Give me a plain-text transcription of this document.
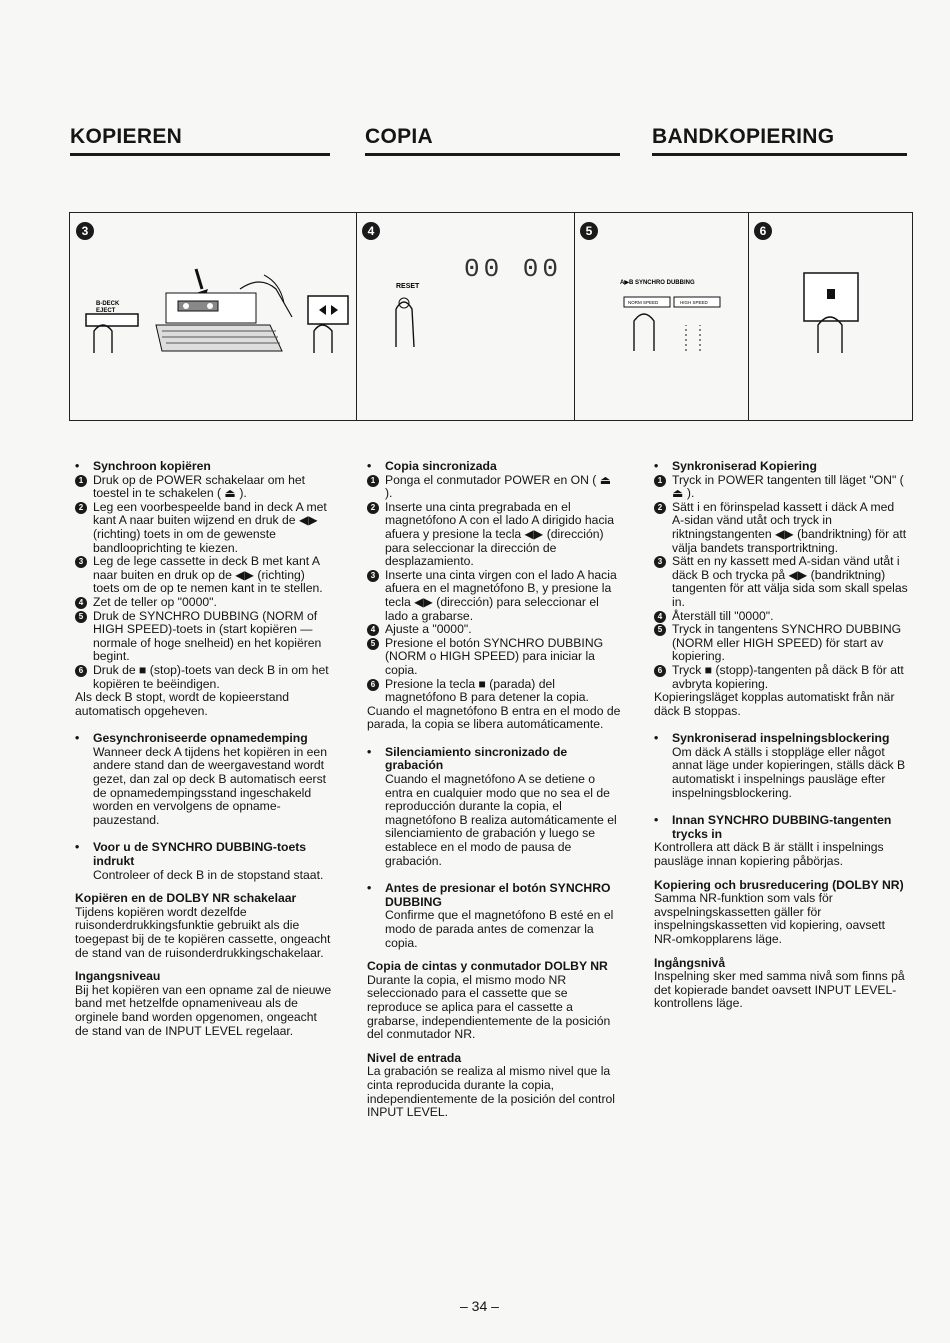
KOPIEREN	COPIA	BANDKOPIERING
3
B-DECK
EJECT
4
00 00
RESET
5
A▶B SYNCHRO DUBBING
NORM SPEED	HIGH SPEED
6

• Synchroon kopiëren

1 Druk op de POWER schakelaar om het toestel in te schakelen ( ⏏ ).

2 Leg een voorbespeelde band in deck A met kant A naar buiten wijzend en druk de ◀▶ (richting) toets in om de gewenste bandlooprichting te kiezen.

3 Leg de lege cassette in deck B met kant A naar buiten en druk op de ◀▶ (richting) toets om de op te nemen kant in te stellen.

4 Zet de teller op "0000".

5 Druk de SYNCHRO DUBBING (NORM of HIGH SPEED)-toets in (start kopiëren — normale of hoge snelheid) en het kopiëren begint.

6 Druk de ■ (stop)-toets van deck B in om het kopiëren te beëindigen.

Als deck B stopt, wordt de kopieerstand automatisch opgeheven.

• Gesynchroniseerde opnamedemping

Wanneer deck A tijdens het kopiëren in een andere stand dan de weergavestand wordt gezet, dan zal op deck B automatisch eerst de opnamedempingsstand ingeschakeld worden en vervolgens de opname-pauzestand.

• Voor u de SYNCHRO DUBBING-toets indrukt

Controleer of deck B in de stopstand staat.

Kopiëren en de DOLBY NR schakelaar

Tijdens kopiëren wordt dezelfde ruisonderdrukkingsfunktie gebruikt als die toegepast bij de te kopiëren cassette, ongeacht de stand van de ruisonderdrukkingschakelaar.

Ingangsniveau

Bij het kopiëren van een opname zal de nieuwe band met hetzelfde opnameniveau als de orginele band worden opgenomen, ongeacht de stand van de INPUT LEVEL regelaar.

• Copia sincronizada

1 Ponga el conmutador POWER en ON ( ⏏ ).

2 Inserte una cinta pregrabada en el magnetófono A con el lado A dirigido hacia afuera y presione la tecla ◀▶ (dirección) para seleccionar la dirección de desplazamiento.

3 Inserte una cinta virgen con el lado A hacia afuera en el magnetófono B, y presione la tecla ◀▶ (dirección) para seleccionar el lado a grabarse.

4 Ajuste a "0000".

5 Presione el botón SYNCHRO DUBBING (NORM o HIGH SPEED) para iniciar la copia.

6 Presione la tecla ■ (parada) del magnetófono B para detener la copia.

Cuando el magnetófono B entra en el modo de parada, la copia se libera automáticamente.

• Silenciamiento sincronizado de grabación

Cuando el magnetófono A se detiene o entra en cualquier modo que no sea el de reproducción durante la copia, el magnetófono B realiza automáticamente el silenciamiento de grabación y luego se establece en el modo de pausa de grabación.

• Antes de presionar el botón SYNCHRO DUBBING

Confirme que el magnetófono B esté en el modo de parada antes de comenzar la copia.

Copia de cintas y conmutador DOLBY NR

Durante la copia, el mismo modo NR seleccionado para el cassette que se reproduce se aplica para el cassette a grabarse, independientemente de la posición del conmutador NR.

Nivel de entrada

La grabación se realiza al mismo nivel que la cinta reproducida durante la copia, independientemente de la posición del control INPUT LEVEL.

• Synkroniserad Kopiering

1 Tryck in POWER tangenten till läget "ON" ( ⏏ ).

2 Sätt i en förinspelad kassett i däck A med A-sidan vänd utåt och tryck in riktningstangenten ◀▶ (bandriktning) för att välja bandets transportriktning.

3 Sätt en ny kassett med A-sidan vänd utåt i däck B och trycka på ◀▶ (bandriktning) tangenten för att välja sida som skall spelas in.

4 Återställ till "0000".

5 Tryck in tangentens SYNCHRO DUBBING (NORM eller HIGH SPEED) för start av kopiering.

6 Tryck ■ (stopp)-tangenten på däck B för att avbryta kopiering.

Kopieringsläget kopplas automatiskt från när däck B stoppas.

• Synkroniserad inspelningsblockering

Om däck A ställs i stoppläge eller något annat läge under kopieringen, ställs däck B automatiskt i inspelnings pausläge efter inspelningsblockering.

• Innan SYNCHRO DUBBING-tangenten trycks in

Kontrollera att däck B är ställt i inspelnings pausläge innan kopiering påbörjas.

Kopiering och brusreducering (DOLBY NR)

Samma NR-funktion som vals för avspelningskassetten gäller för inspelningskassetten vid kopiering, oavsett NR-omkopplarens läge.

Ingångsnivå

Inspelning sker med samma nivå som finns på det kopierade bandet oavsett INPUT LEVEL-kontrollens läge.

– 34 –
